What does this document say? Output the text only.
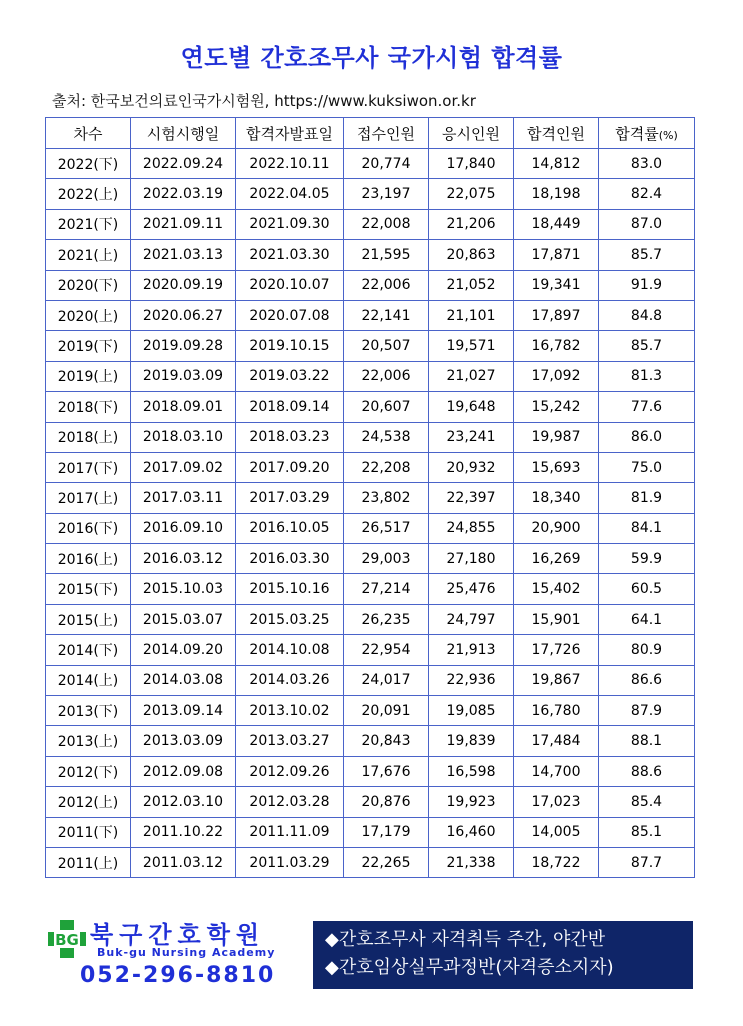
연도별 간호조무사 국가시험 합격률
출처: 한국보건의료인국가시험원, https://www.kuksiwon.or.kr
차수	시험시행일	합격자발표일	접수인원	응시인원	합격인원	합격률(%)
2022(下)	2022.09.24	2022.10.11	20,774	17,840	14,812	83.0
2022(上)	2022.03.19	2022.04.05	23,197	22,075	18,198	82.4
2021(下)	2021.09.11	2021.09.30	22,008	21,206	18,449	87.0
2021(上)	2021.03.13	2021.03.30	21,595	20,863	17,871	85.7
2020(下)	2020.09.19	2020.10.07	22,006	21,052	19,341	91.9
2020(上)	2020.06.27	2020.07.08	22,141	21,101	17,897	84.8
2019(下)	2019.09.28	2019.10.15	20,507	19,571	16,782	85.7
2019(上)	2019.03.09	2019.03.22	22,006	21,027	17,092	81.3
2018(下)	2018.09.01	2018.09.14	20,607	19,648	15,242	77.6
2018(上)	2018.03.10	2018.03.23	24,538	23,241	19,987	86.0
2017(下)	2017.09.02	2017.09.20	22,208	20,932	15,693	75.0
2017(上)	2017.03.11	2017.03.29	23,802	22,397	18,340	81.9
2016(下)	2016.09.10	2016.10.05	26,517	24,855	20,900	84.1
2016(上)	2016.03.12	2016.03.30	29,003	27,180	16,269	59.9
2015(下)	2015.10.03	2015.10.16	27,214	25,476	15,402	60.5
2015(上)	2015.03.07	2015.03.25	26,235	24,797	15,901	64.1
2014(下)	2014.09.20	2014.10.08	22,954	21,913	17,726	80.9
2014(上)	2014.03.08	2014.03.26	24,017	22,936	19,867	86.6
2013(下)	2013.09.14	2013.10.02	20,091	19,085	16,780	87.9
2013(上)	2013.03.09	2013.03.27	20,843	19,839	17,484	88.1
2012(下)	2012.09.08	2012.09.26	17,676	16,598	14,700	88.6
2012(上)	2012.03.10	2012.03.28	20,876	19,923	17,023	85.4
2011(下)	2011.10.22	2011.11.09	17,179	16,460	14,005	85.1
2011(上)	2011.03.12	2011.03.29	22,265	21,338	18,722	87.7
BG 북구간호학원
Buk-gu Nursing Academy
052-296-8810
◆간호조무사 자격취득 주간, 야간반
◆간호임상실무과정반(자격증소지자)
